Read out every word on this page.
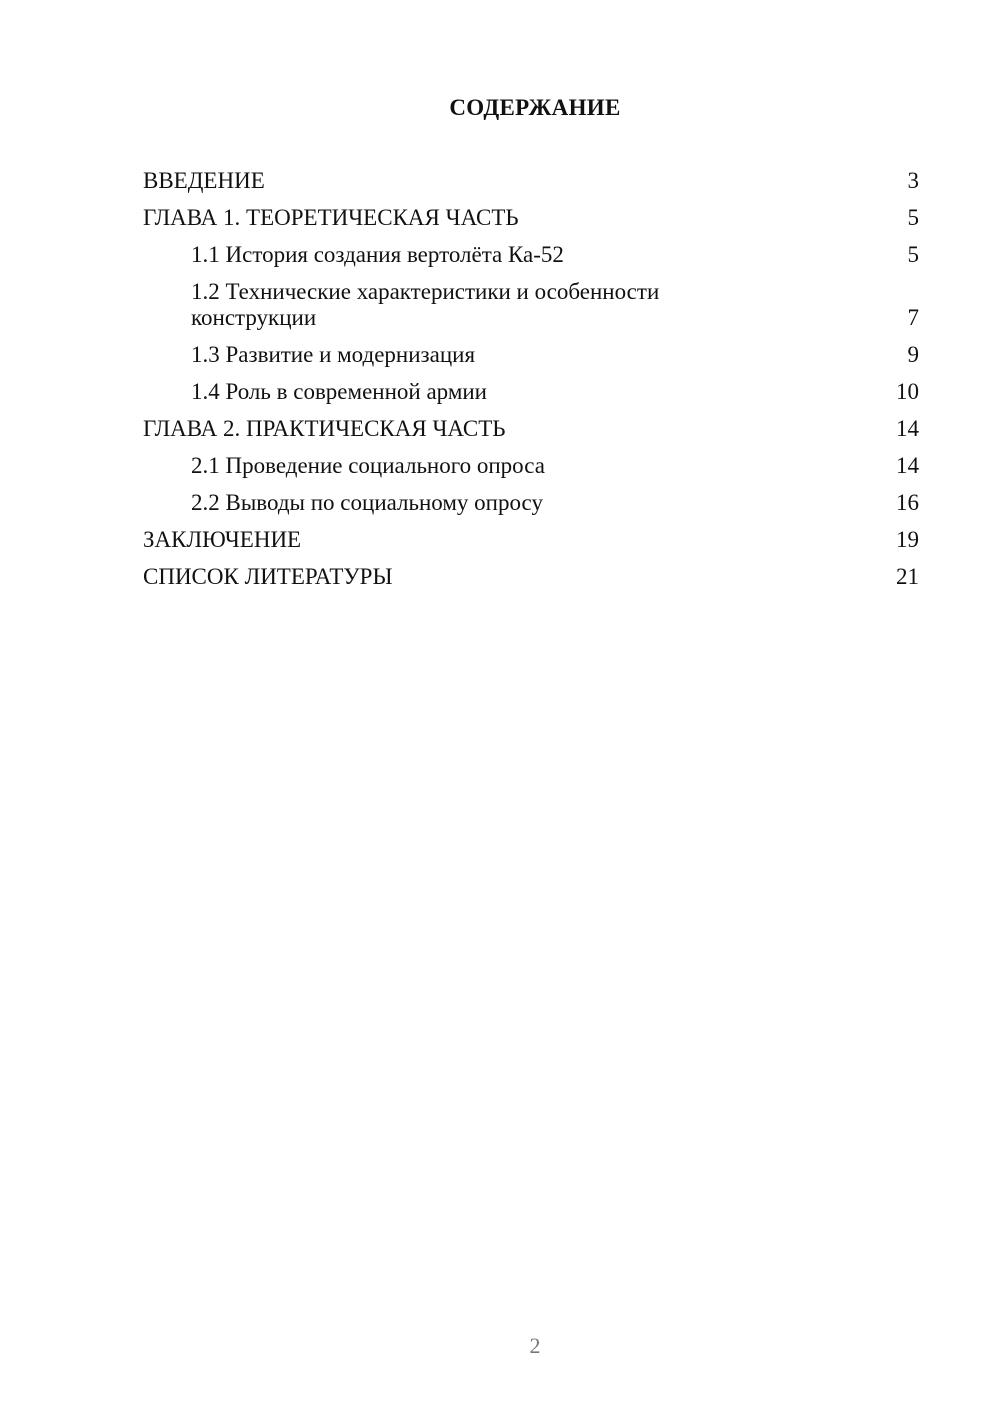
СОДЕРЖАНИЕ
ВВЕДЕНИЕ	3
ГЛАВА 1. ТЕОРЕТИЧЕСКАЯ ЧАСТЬ	5
1.1 История создания вертолёта Ка-52	5
1.2 Технические характеристики и особенности конструкции	7
1.3 Развитие и модернизация	9
1.4 Роль в современной армии	10
ГЛАВА 2. ПРАКТИЧЕСКАЯ ЧАСТЬ	14
2.1 Проведение социального опроса	14
2.2 Выводы по социальному опросу	16
ЗАКЛЮЧЕНИЕ	19
СПИСОК ЛИТЕРАТУРЫ	21
2
